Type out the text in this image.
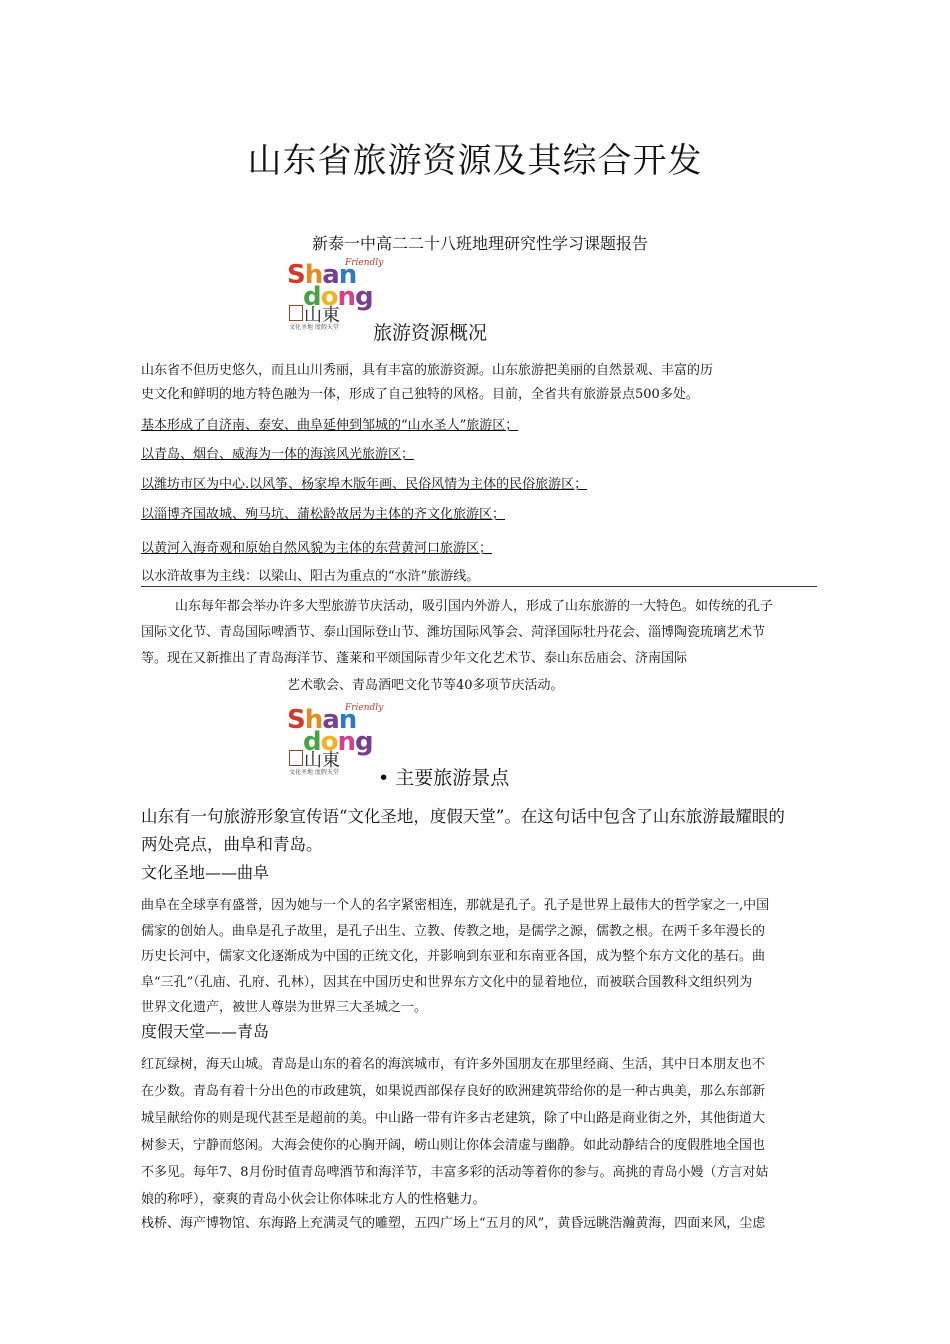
山东省旅游资源及其综合开发
新泰一中高二二十八班地理研究性学习课题报告
Friendly
Shan
dong
山東
文化圣地 度假天堂 旅游资源概况
山东省不但历史悠久，而且山川秀丽，具有丰富的旅游资源。山东旅游把美丽的自然景观、丰富的历
史文化和鲜明的地方特色融为一体，形成了自己独特的风格。目前，全省共有旅游景点500多处。
基本形成了自济南、泰安、曲阜延伸到邹城的“山水圣人”旅游区；
以青岛、烟台、威海为一体的海滨风光旅游区；
以潍坊市区为中心.以风筝、杨家埠木版年画、民俗风情为主体的民俗旅游区；
以淄博齐国故城、殉马坑、蒲松龄故居为主体的齐文化旅游区；
以黄河入海奇观和原始自然风貌为主体的东营黄河口旅游区；
以水浒故事为主线：以梁山、阳古为重点的“水浒”旅游线。
山东每年都会举办许多大型旅游节庆活动，吸引国内外游人，形成了山东旅游的一大特色。如传统的孔子
国际文化节、青岛国际啤酒节、泰山国际登山节、潍坊国际风筝会、菏泽国际牡丹花会、淄博陶瓷琉璃艺术节
等。现在又新推出了青岛海洋节、蓬莱和平颂国际青少年文化艺术节、泰山东岳庙会、济南国际
艺术歌会、青岛酒吧文化节等40多项节庆活动。
Friendly
Shan
dong
山東
文化圣地 度假天堂 • 主要旅游景点
山东有一句旅游形象宣传语“文化圣地，度假天堂”。在这句话中包含了山东旅游最耀眼的
两处亮点，曲阜和青岛。
文化圣地——曲阜
曲阜在全球享有盛誉，因为她与一个人的名字紧密相连，那就是孔子。孔子是世界上最伟大的哲学家之一,中国
儒家的创始人。曲阜是孔子故里，是孔子出生、立教、传教之地，是儒学之源，儒教之根。在两千多年漫长的
历史长河中，儒家文化逐渐成为中国的正统文化，并影响到东亚和东南亚各国，成为整个东方文化的基石。曲
阜“三孔”（孔庙、孔府、孔林），因其在中国历史和世界东方文化中的显着地位，而被联合国教科文组织列为
世界文化遗产，被世人尊崇为世界三大圣城之一。
度假天堂——青岛
红瓦绿树，海天山城。青岛是山东的着名的海滨城市，有许多外国朋友在那里经商、生活，其中日本朋友也不
在少数。青岛有着十分出色的市政建筑，如果说西部保存良好的欧洲建筑带给你的是一种古典美，那么东部新
城呈献给你的则是现代甚至是超前的美。中山路一带有许多古老建筑，除了中山路是商业街之外，其他街道大
树参天，宁静而悠闲。大海会使你的心胸开阔，崂山则让你体会清虚与幽静。如此动静结合的度假胜地全国也
不多见。每年7、8月份时值青岛啤酒节和海洋节，丰富多彩的活动等着你的参与。高挑的青岛小嫚（方言对姑
娘的称呼），豪爽的青岛小伙会让你体味北方人的性格魅力。
栈桥、海产博物馆、东海路上充满灵气的雕塑，五四广场上“五月的风”，黄昏远眺浩瀚黄海，四面来风，尘虑
